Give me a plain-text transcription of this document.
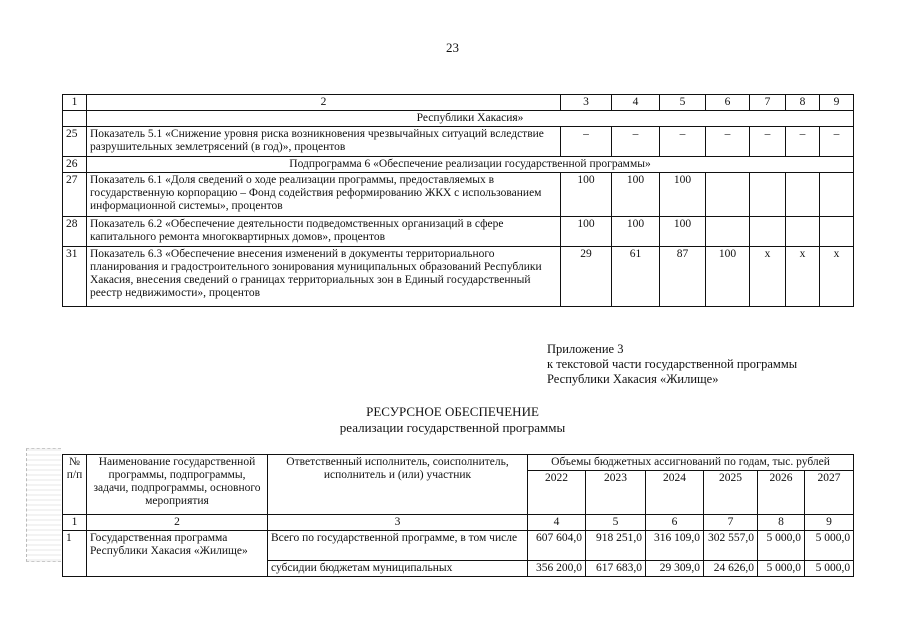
23
1	2	3	4	5	6	7	8	9
	Республики Хакасия»							
25	Показатель 5.1 «Снижение уровня риска возникновения чрезвычайных ситуаций вследствие разрушительных землетрясений (в год)», процентов	–	–	–	–	–	–	–
26	Подпрограмма 6 «Обеспечение реализации государственной программы»							
27	Показатель 6.1 «Доля сведений о ходе реализации программы, предоставляемых в государственную корпорацию – Фонд содействия реформированию ЖКХ с использованием информационной системы», процентов	100	100	100				
28	Показатель 6.2 «Обеспечение деятельности подведомственных организаций в сфере капитального ремонта многоквартирных домов», процентов	100	100	100				
31	Показатель 6.3 «Обеспечение внесения изменений в документы территориального планирования и градостроительного зонирования муниципальных образований Республики Хакасия, внесения сведений о границах территориальных зон в Единый государственный реестр недвижимости», процентов	29	61	87	100	x	x	x
Приложение 3
к текстовой части государственной программы
Республики Хакасия «Жилище»
РЕСУРСНОЕ ОБЕСПЕЧЕНИЕ
реализации государственной программы
№ п/п	Наименование государственной программы, подпрограммы, задачи, подпрограммы, основного мероприятия	Ответственный исполнитель, соисполнитель, исполнитель и (или) участник	Объемы бюджетных ассигнований по годам, тыс. рублей					
			2022	2023	2024	2025	2026	2027
1	2	3	4	5	6	7	8	9
1	Государственная программа Республики Хакасия «Жилище»	Всего по государственной программе, в том числе	607 604,0	918 251,0	316 109,0	302 557,0	5 000,0	5 000,0
		субсидии бюджетам муниципальных	356 200,0	617 683,0	29 309,0	24 626,0	5 000,0	5 000,0
